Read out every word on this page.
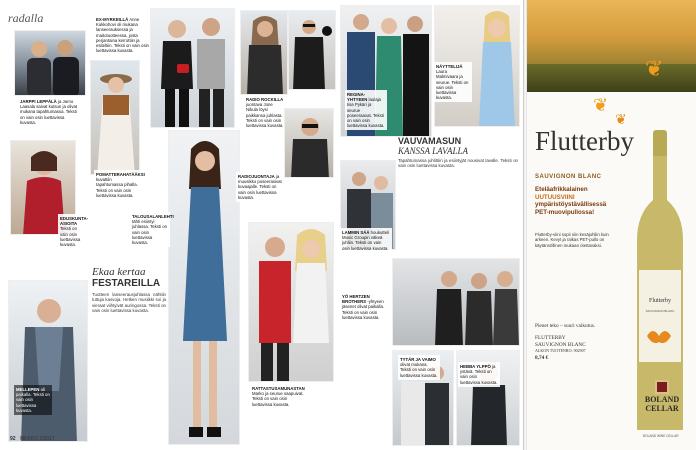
radalla
JARPPI LEPPÄLÄ ja Jarno Laasala saivat kutsun ja olivat mukana tapahtumassa. Teksti on vain osin luettavissa kuvasta.
EX-MYRKEILLÄ Anne Kukkohovi oli mukana lanseerauksessa ja maitotuotteessa, josta perjantaina kerrottiin ja esiteltiin. Teksti on vain osin luettavissa kuvasta.
EDUSKUNTA-ASIOITA Teksti on vain osin luettavissa kuvasta.
POMATTERAHATÄÄKSI kuvattiin tapahtumassa pihalla. Teksti on vain osin luettavissa kuvasta.
RADIO ROCKILLA juontava Jone Nikula löysi paikkansa juhlasta. Teksti on vain osin luettavissa kuvasta.
RADIOJUONTAJA ja muusikko poseerasivat kuvaajalle. Teksti on vain osin luettavissa kuvasta.
TALOUSALANLEHTI tähti esiintyi juhlassa. Teksti on vain osin luettavissa kuvasta.
Ekaa kertaa
FESTAREILLA

Tuotteen lanseerausjuhlassa nähtiin tuttuja kasvoja. Hetken musiikki soi ja vieraat viihtyivät auringossa. Teksti on vain osin luettavissa kuvasta.

MELLEPEN oli paikalla. Teksti on vain osin luettavissa kuvasta.
RATTASTUSAMUNASTAN Marko ja seurue saapuivat. Teksti on vain osin luettavissa kuvasta.
REGINA-YHTYEEN laulaja Iisa Pykäri ja seurue poseeraavat. Teksti on vain osin luettavissa kuvasta.
NÄYTTELIJÄ Laura Malmivaara ja seurue. Teksti on vain osin luettavissa kuvasta.
VAUVAMASUN
KANSSA LAVALLA

Tapahtumassa juhlittiin ja esiintyjät nousivat lavalle. Teksti on vain osin luettavissa kuvasta.

LAMMIN SÄÄ houkutteli Music Groupin väkeä juhliin. Teksti on vain osin luettavissa kuvasta.
YÖ HERTZEN BROTHERS -yhtyeen jäsenet olivat paikalla. Teksti on vain osin luettavissa kuvasta.
TYTÄR JA VAIMO olivat mukana. Teksti on vain osin luettavissa kuvasta.
HEBBA YLPPÖ ja ystävä. Teksti on vain osin luettavissa kuvasta.
92 MEKKO 2/2017
❦
❦
❦
Flutterby
SAUVIGNON BLANC
Eteläafrikkalainen
UUTUUSVIINI
ympäristöystävällisessä PET-muovipullossa!
Flutterby-viini sopii niin kesäjuhliin kuin arkeen. Kevyt ja raikas PET-pullo on käytännöllinen mukaan otettavaksi.
Pienet teko – suuri vaikutus.
FLUTTERBY
SAUVIGNON BLANC
ALKON TUOTENRO: 902907
8,74 €
Flutterby
SAUVIGNON BLANC
BOLAND
CELLAR
BOLAND WINE CELLAR
